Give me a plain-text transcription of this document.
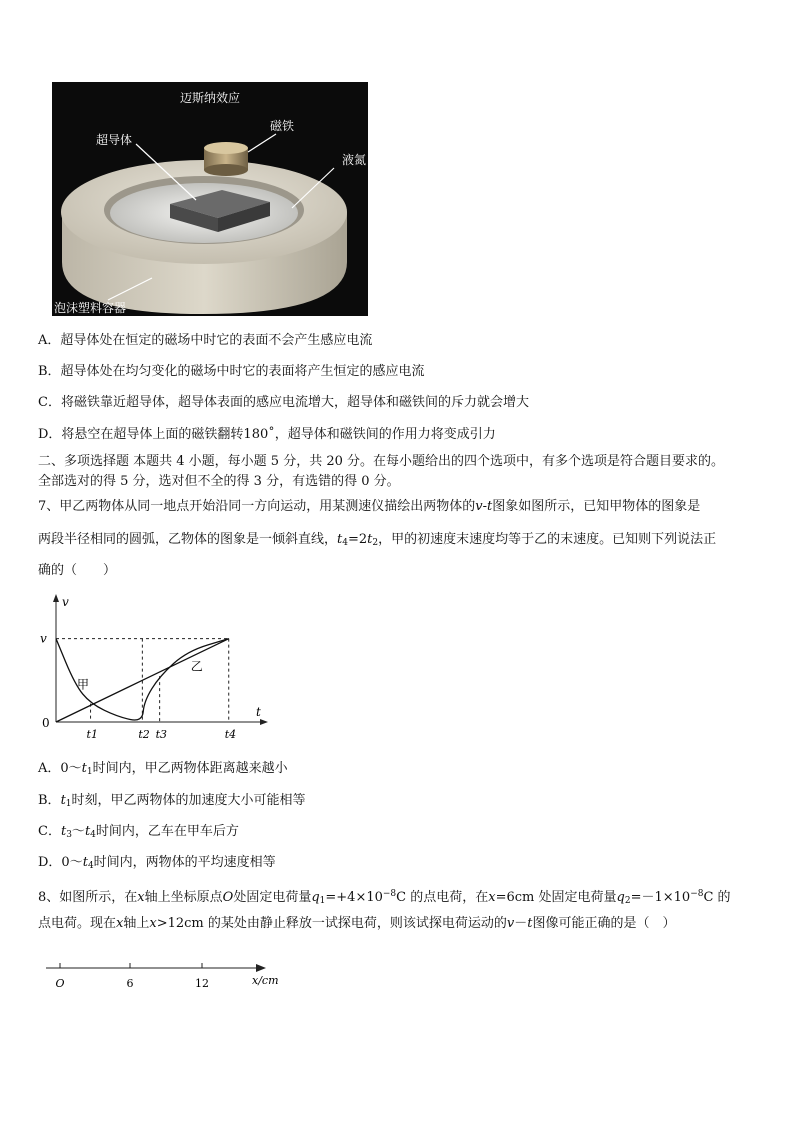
迈斯纳效应
超导体
磁铁
液氮
泡沫塑料容器
A．超导体处在恒定的磁场中时它的表面不会产生感应电流
B．超导体处在均匀变化的磁场中时它的表面将产生恒定的感应电流
C．将磁铁靠近超导体，超导体表面的感应电流增大，超导体和磁铁间的斥力就会增大
D．将悬空在超导体上面的磁铁翻转180˚，超导体和磁铁间的作用力将变成引力
二、多项选择题 本题共 4 小题，每小题 5 分，共 20 分。在每小题给出的四个选项中，有多个选项是符合题目要求的。
全部选对的得 5 分，选对但不全的得 3 分，有选错的得 0 分。
7、甲乙两物体从同一地点开始沿同一方向运动，用某测速仪描绘出两物体的v-t图象如图所示，已知甲物体的图象是
两段半径相同的圆弧，乙物体的图象是一倾斜直线，$t_4=2t_2$，甲的初速度末速度均等于乙的末速度。已知则下列说法正
确的（　　）
v
0
v
t
t1	t2 t3	t4
甲
乙
A．$0\sim t_1$时间内，甲乙两物体距离越来越小
B．$t_1$时刻，甲乙两物体的加速度大小可能相等
C．$t_3\sim t_4$时间内，乙车在甲车后方
D．$0\sim t_4$时间内，两物体的平均速度相等
8、如图所示，在x轴上坐标原点O处固定电荷量$q_1=+4\times 10^{-8}C$ 的点电荷，在x=6cm 处固定电荷量$q_2=-1\times 10^{-8}C$ 的
点电荷。现在x轴上x>12cm 的某处由静止释放一试探电荷，则该试探电荷运动的v－t图像可能正确的是（　）
O	6	12	x/cm
